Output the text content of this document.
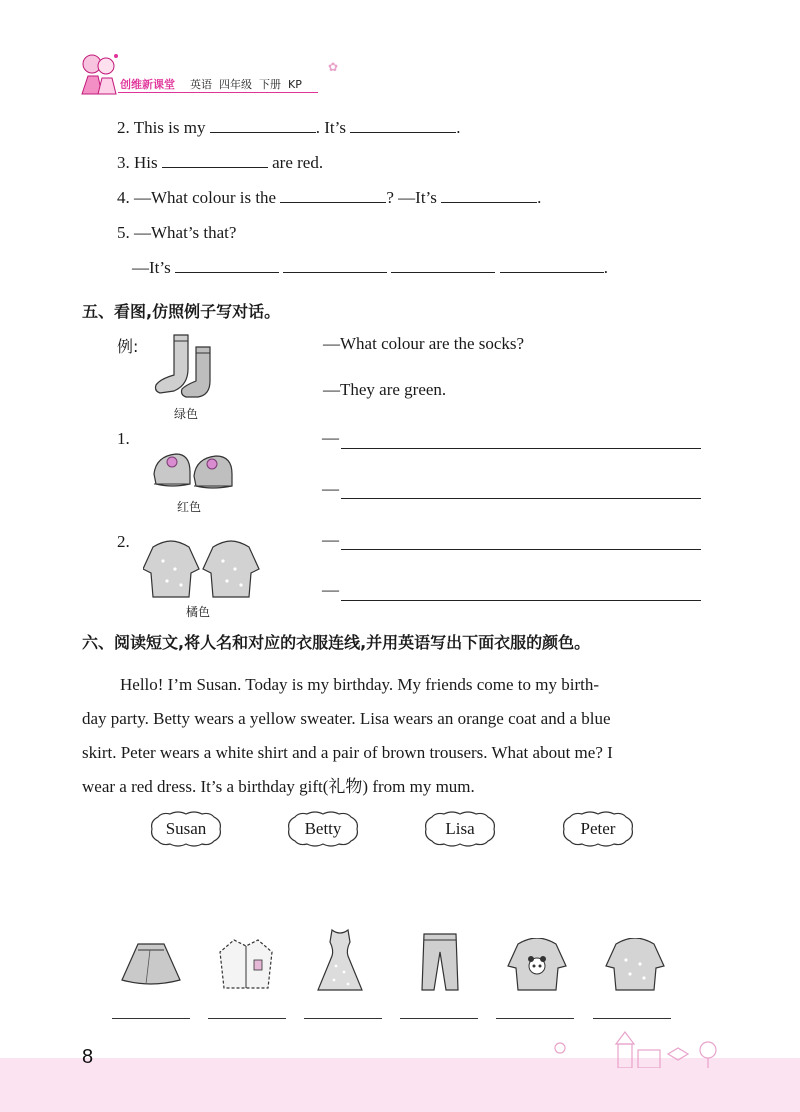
创维新课堂 英语 四年级 下册 KP
✿
2. This is my	. It’s	.
3. His	are red.
4. —What colour is the	? —It’s	.
5. —What’s that?
—It’s	.
五、看图,仿照例子写对话。
例:
绿色
—What colour are the socks?
—They are green.
1.
红色
—
—
2.
橘色
—
—
六、阅读短文,将人名和对应的衣服连线,并用英语写出下面衣服的颜色。
Hello! I’m Susan. Today is my birthday. My friends come to my birth-
day party. Betty wears a yellow sweater. Lisa wears an orange coat and a blue
skirt. Peter wears a white shirt and a pair of brown trousers. What about me? I
wear a red dress. It’s a birthday gift(礼物) from my mum.
Susan	Betty	Lisa	Peter
8
